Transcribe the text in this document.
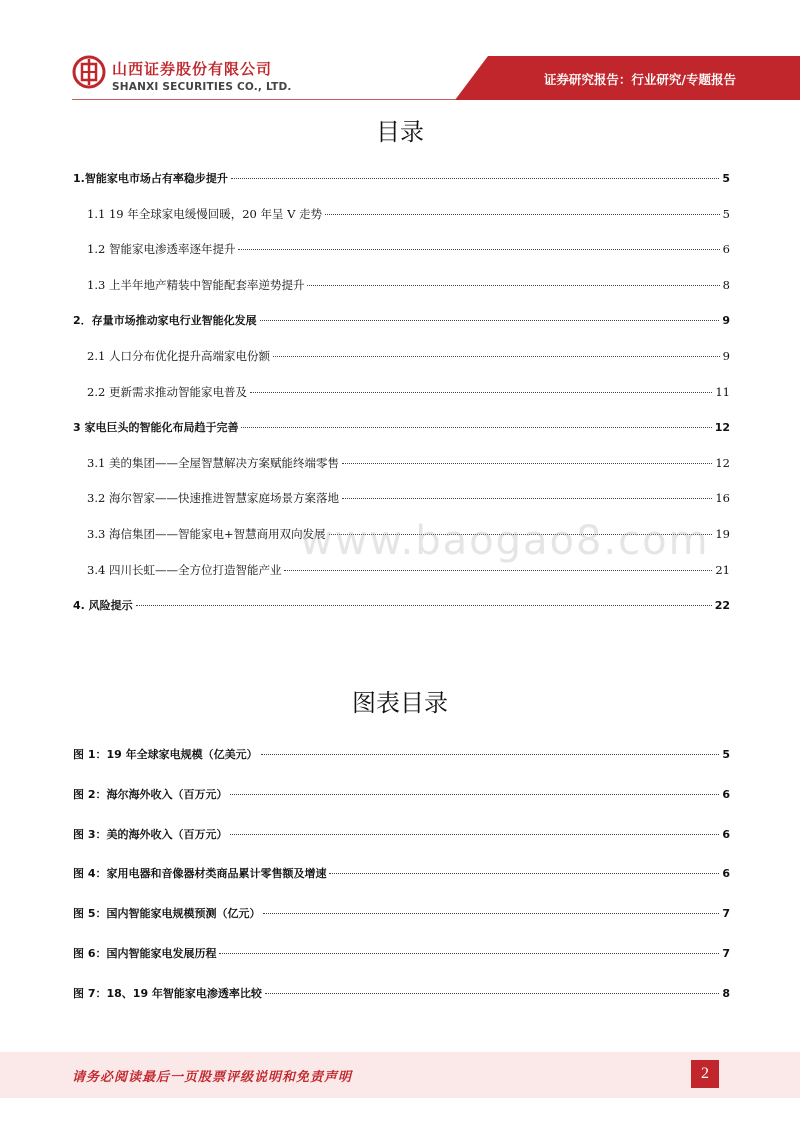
山西证券股份有限公司
SHANXI SECURITIES CO., LTD.	证券研究报告：行业研究/专题报告
目录
1.智能家电市场占有率稳步提升	5
1.1 19 年全球家电缓慢回暖，20 年呈 V 走势	5
1.2 智能家电渗透率逐年提升	6
1.3 上半年地产精装中智能配套率逆势提升	8
2．存量市场推动家电行业智能化发展	9
2.1 人口分布优化提升高端家电份额	9
2.2 更新需求推动智能家电普及	11
3 家电巨头的智能化布局趋于完善	12
3.1 美的集团——全屋智慧解决方案赋能终端零售	12
3.2 海尔智家——快速推进智慧家庭场景方案落地	16
3.3 海信集团——智能家电+智慧商用双向发展	19
3.4 四川长虹——全方位打造智能产业	21
4. 风险提示	22
www.baogao8.com
图表目录
图 1：19 年全球家电规模（亿美元）	5
图 2：海尔海外收入（百万元）	6
图 3：美的海外收入（百万元）	6
图 4：家用电器和音像器材类商品累计零售额及增速	6
图 5：国内智能家电规模预测（亿元）	7
图 6：国内智能家电发展历程	7
图 7：18、19 年智能家电渗透率比较	8
请务必阅读最后一页股票评级说明和免责声明	2
